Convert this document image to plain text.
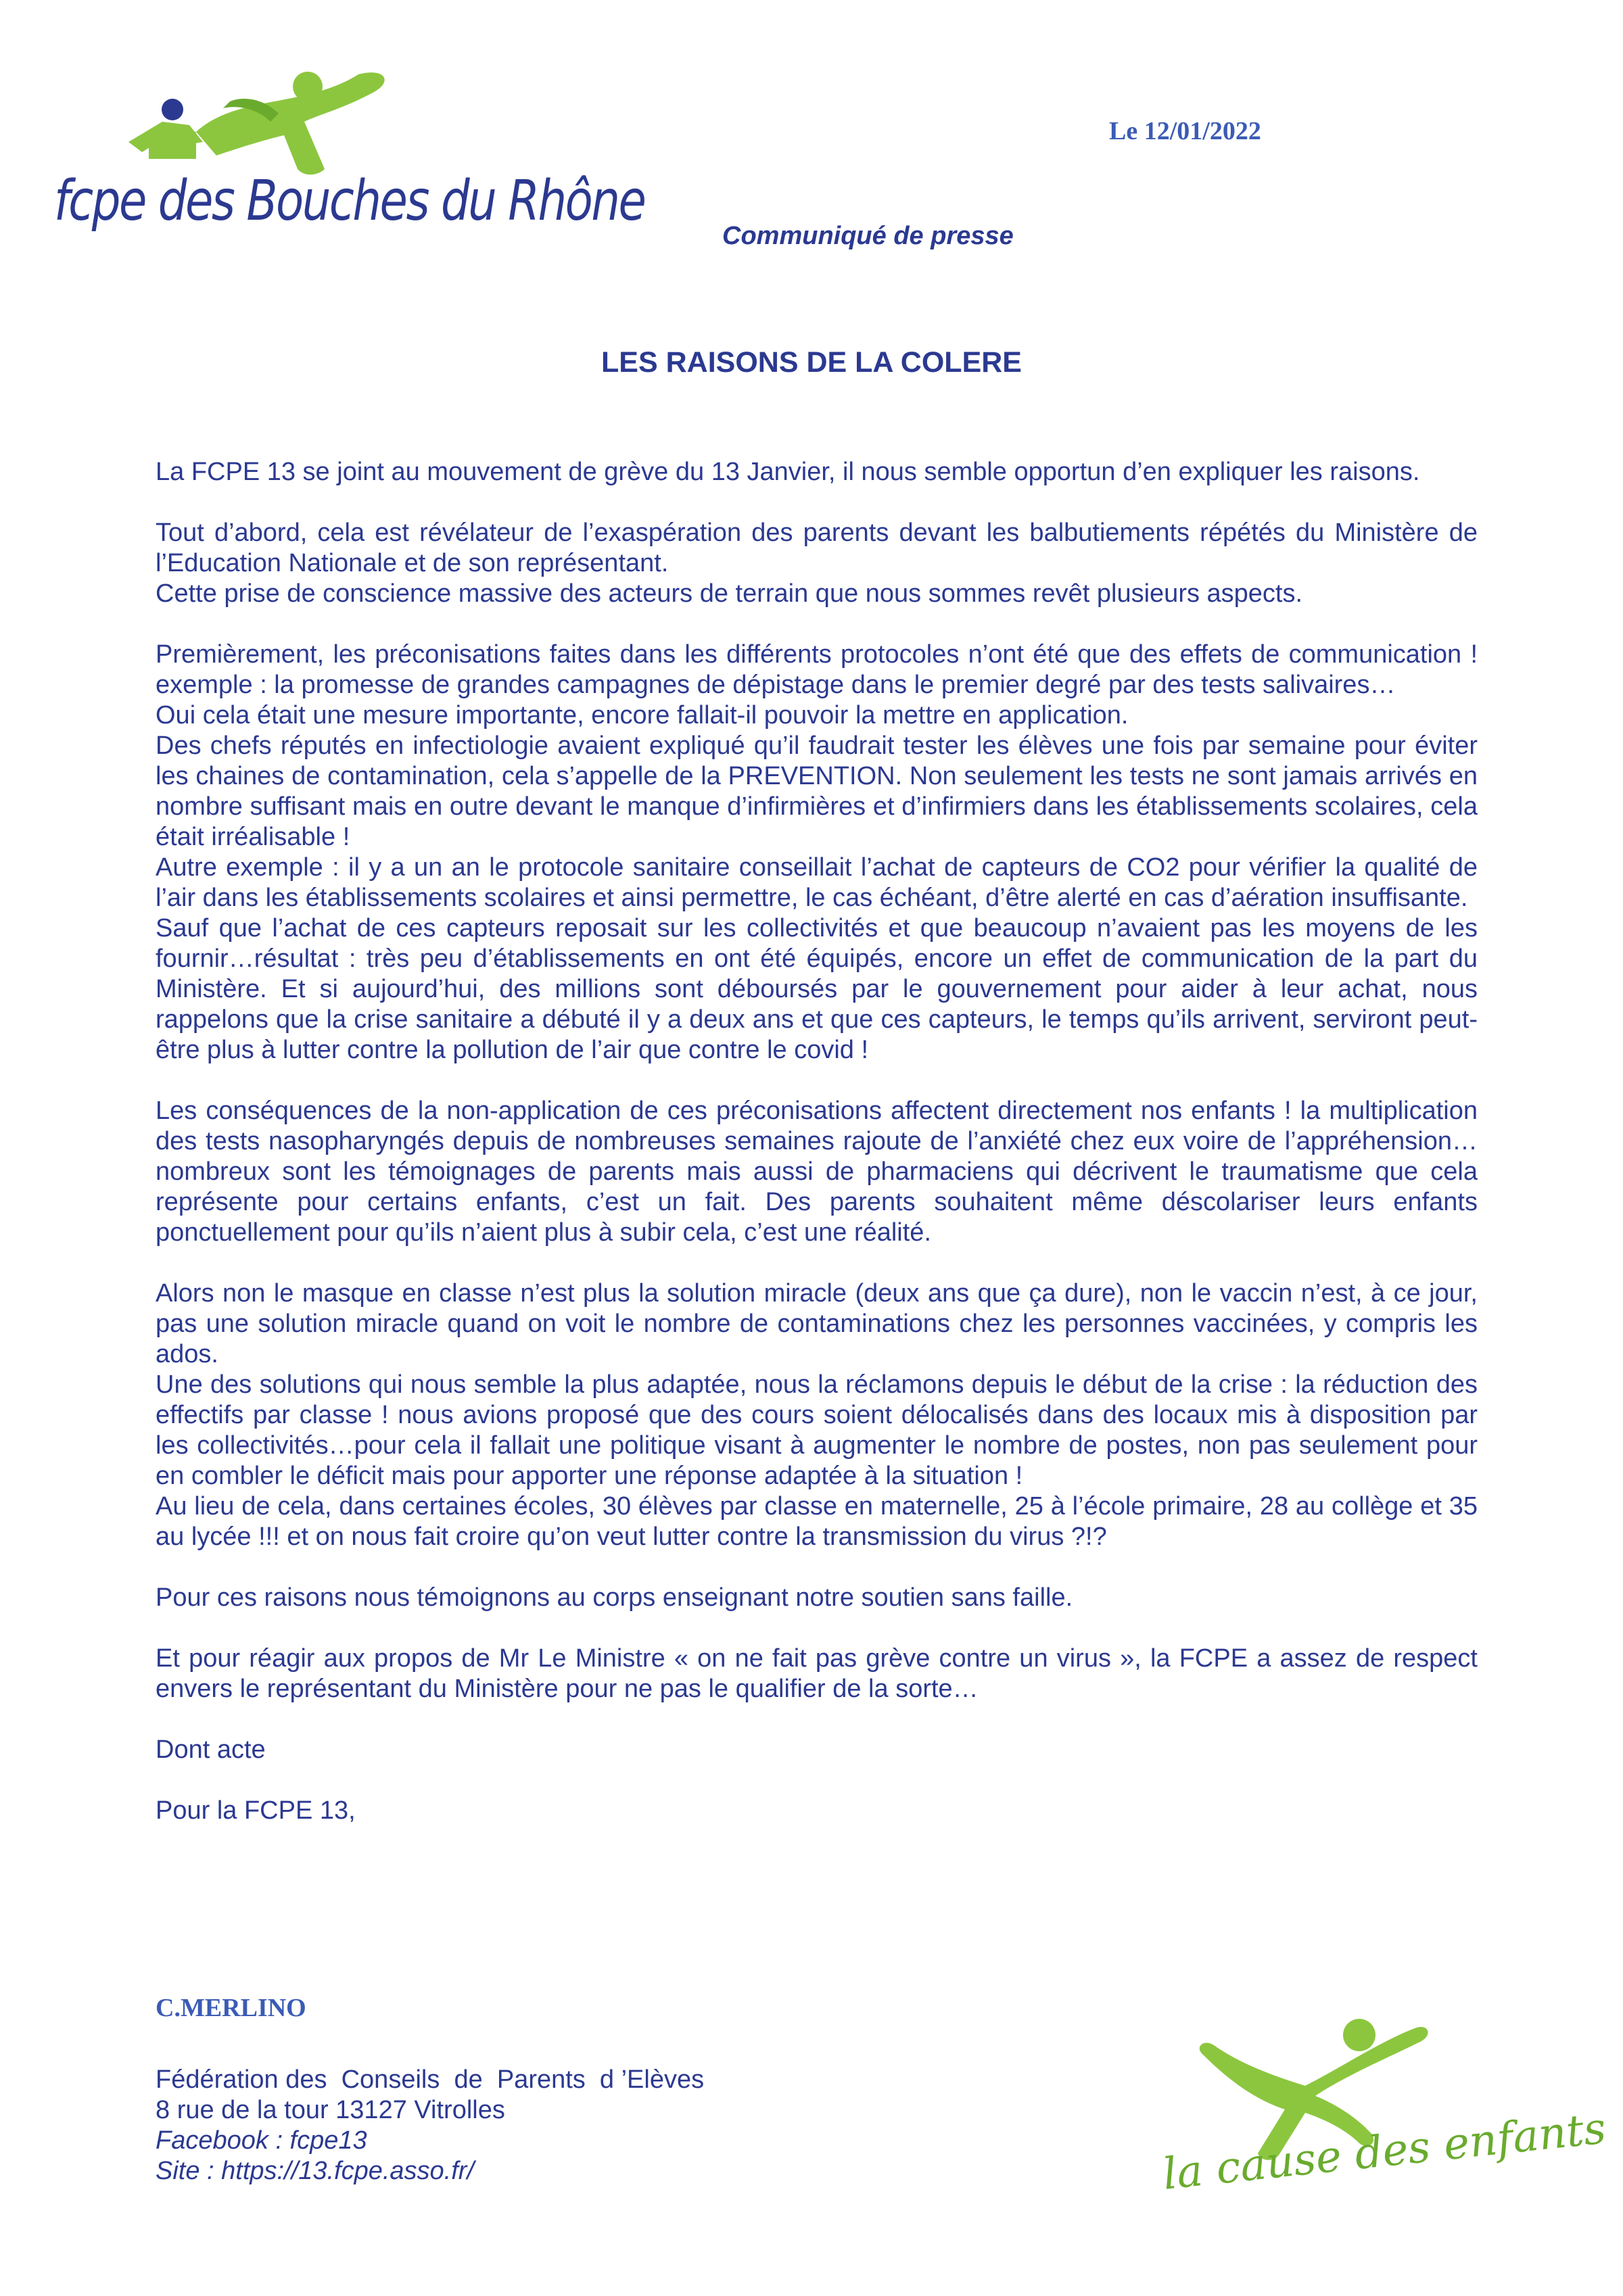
fcpe des Bouches du Rhône
Le 12/01/2022
Communiqué de presse
LES RAISONS DE LA COLERE

La FCPE 13 se joint au mouvement de grève du 13 Janvier, il nous semble opportun d’en expliquer les raisons.

Tout d’abord, cela est révélateur de l’exaspération des parents devant les balbutiements répétés du Ministère de l’Education Nationale et de son représentant.
Cette prise de conscience massive des acteurs de terrain que nous sommes revêt plusieurs aspects.

Premièrement, les préconisations faites dans les différents protocoles n’ont été que des effets de communication ! exemple : la promesse de grandes campagnes de dépistage dans le premier degré par des tests salivaires…
Oui cela était une mesure importante, encore fallait-il pouvoir la mettre en application.
Des chefs réputés en infectiologie avaient expliqué qu’il faudrait tester les élèves une fois par semaine pour éviter les chaines de contamination, cela s’appelle de la PREVENTION. Non seulement les tests ne sont jamais arrivés en nombre suffisant mais en outre devant le manque d’infirmières et d’infirmiers dans les établissements scolaires, cela était irréalisable !
Autre exemple : il y a un an le protocole sanitaire conseillait l’achat de capteurs de CO2 pour vérifier la qualité de l’air dans les établissements scolaires et ainsi permettre, le cas échéant, d’être alerté en cas d’aération insuffisante.
Sauf que l’achat de ces capteurs reposait sur les collectivités et que beaucoup n’avaient pas les moyens de les fournir…résultat : très peu d’établissements en ont été équipés, encore un effet de communication de la part du Ministère. Et si aujourd’hui, des millions sont déboursés par le gouvernement pour aider à leur achat, nous rappelons que la crise sanitaire a débuté il y a deux ans et que ces capteurs, le temps qu’ils arrivent, serviront peut-être plus à lutter contre la pollution de l’air que contre le covid !

Les conséquences de la non-application de ces préconisations affectent directement nos enfants ! la multiplication des tests nasopharyngés depuis de nombreuses semaines rajoute de l’anxiété chez eux voire de l’appréhension…nombreux sont les témoignages de parents mais aussi de pharmaciens qui décrivent le traumatisme que cela représente pour certains enfants, c’est un fait. Des parents souhaitent même déscolariser leurs enfants ponctuellement pour qu’ils n’aient plus à subir cela, c’est une réalité.

Alors non le masque en classe n’est plus la solution miracle (deux ans que ça dure), non le vaccin n’est, à ce jour, pas une solution miracle quand on voit le nombre de contaminations chez les personnes vaccinées, y compris les ados.
Une des solutions qui nous semble la plus adaptée, nous la réclamons depuis le début de la crise : la réduction des effectifs par classe ! nous avions proposé que des cours soient délocalisés dans des locaux mis à disposition par les collectivités…pour cela il fallait une politique visant à augmenter le nombre de postes, non pas seulement pour en combler le déficit mais pour apporter une réponse adaptée à la situation !
Au lieu de cela, dans certaines écoles, 30 élèves par classe en maternelle, 25 à l’école primaire, 28 au collège et 35 au lycée !!! et on nous fait croire qu’on veut lutter contre la transmission du virus ?!?

Pour ces raisons nous témoignons au corps enseignant notre soutien sans faille.

Et pour réagir aux propos de Mr Le Ministre « on ne fait pas grève contre un virus », la FCPE a assez de respect envers le représentant du Ministère pour ne pas le qualifier de la sorte…

Dont acte

Pour la FCPE 13,

C.MERLINO
Fédération des  Conseils  de  Parents  d ’Elèves
8 rue de la tour 13127 Vitrolles
Facebook : fcpe13
Site : https://13.fcpe.asso.fr/	la cause des enfants
